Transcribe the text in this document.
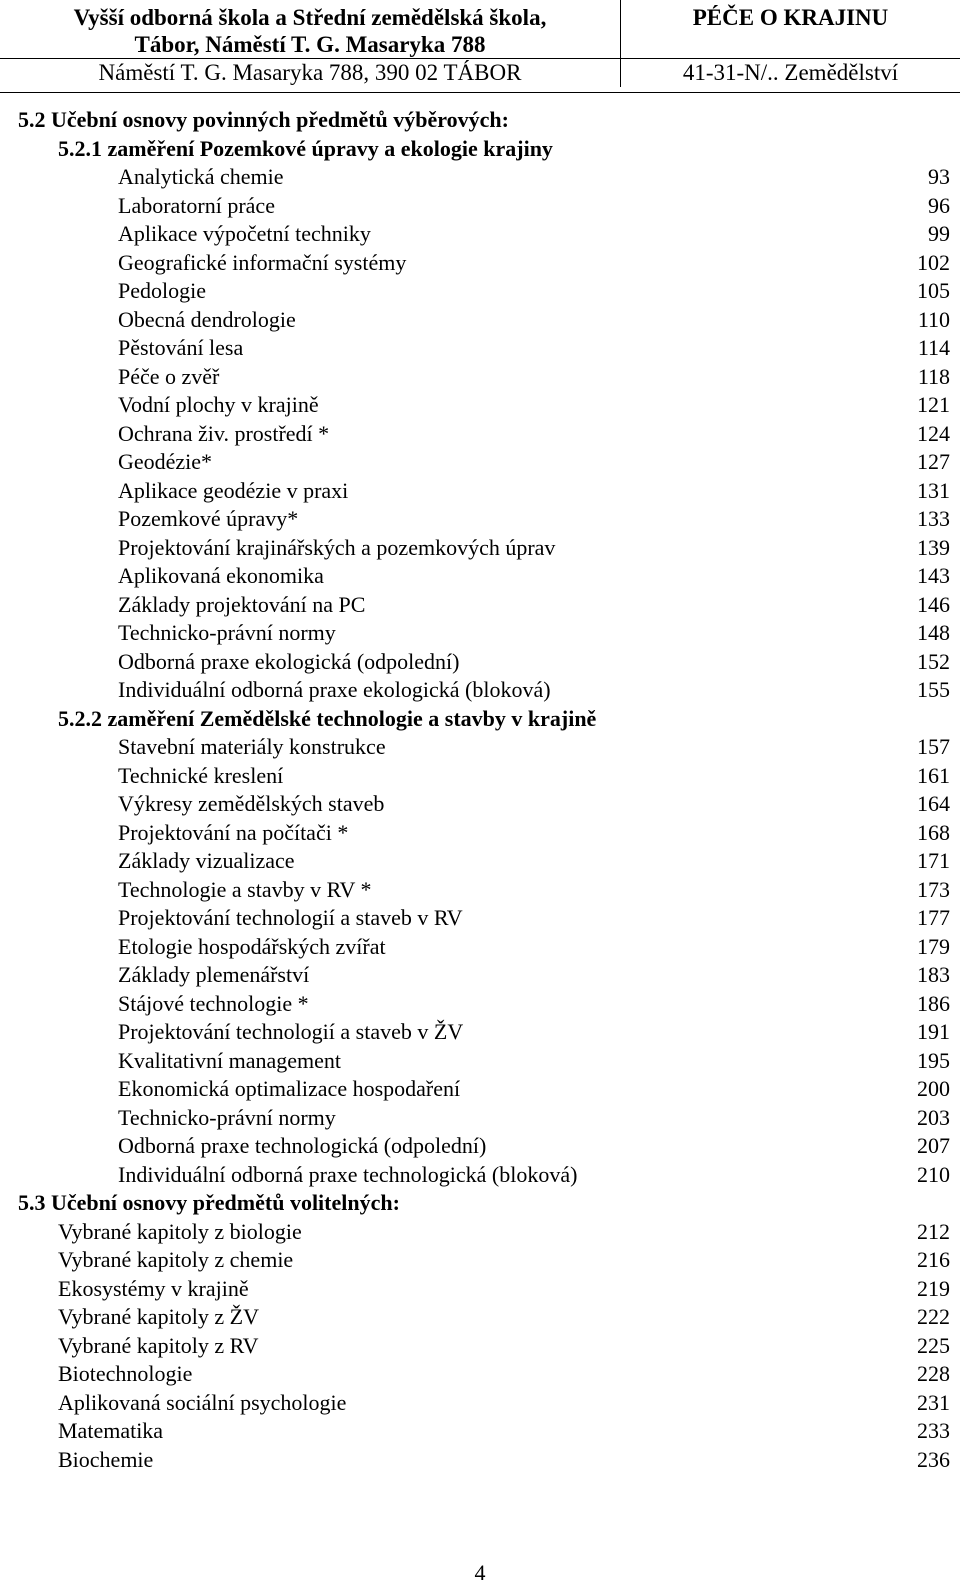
Vyšší odborná škola a Střední zemědělská škola,
Tábor, Náměstí T. G. Masaryka 788	PÉČE O KRAJINU

Náměstí T. G. Masaryka 788, 390 02 TÁBOR	41-31-N/.. Zemědělství
5.2 Učební osnovy povinných předmětů výběrových:
5.2.1 zaměření Pozemkové úpravy a ekologie krajiny
Analytická chemie	93
Laboratorní práce	96
Aplikace výpočetní techniky	99
Geografické informační systémy	102
Pedologie	105
Obecná dendrologie	110
Pěstování lesa	114
Péče o zvěř	118
Vodní plochy v krajině	121
Ochrana živ. prostředí *	124
Geodézie*	127
Aplikace geodézie v praxi	131
Pozemkové úpravy*	133
Projektování krajinářských a pozemkových úprav	139
Aplikovaná ekonomika	143
Základy projektování na PC	146
Technicko-právní normy	148
Odborná praxe ekologická (odpolední)	152
Individuální odborná praxe ekologická (bloková)	155
5.2.2 zaměření Zemědělské technologie a stavby v krajině
Stavební materiály konstrukce	157
Technické kreslení	161
Výkresy zemědělských staveb	164
Projektování na počítači *	168
Základy vizualizace	171
Technologie a stavby v RV *	173
Projektování technologií a staveb v RV	177
Etologie hospodářských zvířat	179
Základy plemenářství	183
Stájové technologie *	186
Projektování technologií a staveb v ŽV	191
Kvalitativní management	195
Ekonomická optimalizace hospodaření	200
Technicko-právní normy	203
Odborná praxe technologická (odpolední)	207
Individuální odborná praxe technologická (bloková)	210
5.3 Učební osnovy předmětů volitelných:
Vybrané kapitoly z biologie	212
Vybrané kapitoly z chemie	216
Ekosystémy v krajině	219
Vybrané kapitoly z ŽV	222
Vybrané kapitoly z RV	225
Biotechnologie	228
Aplikovaná sociální psychologie	231
Matematika	233
Biochemie	236
4
